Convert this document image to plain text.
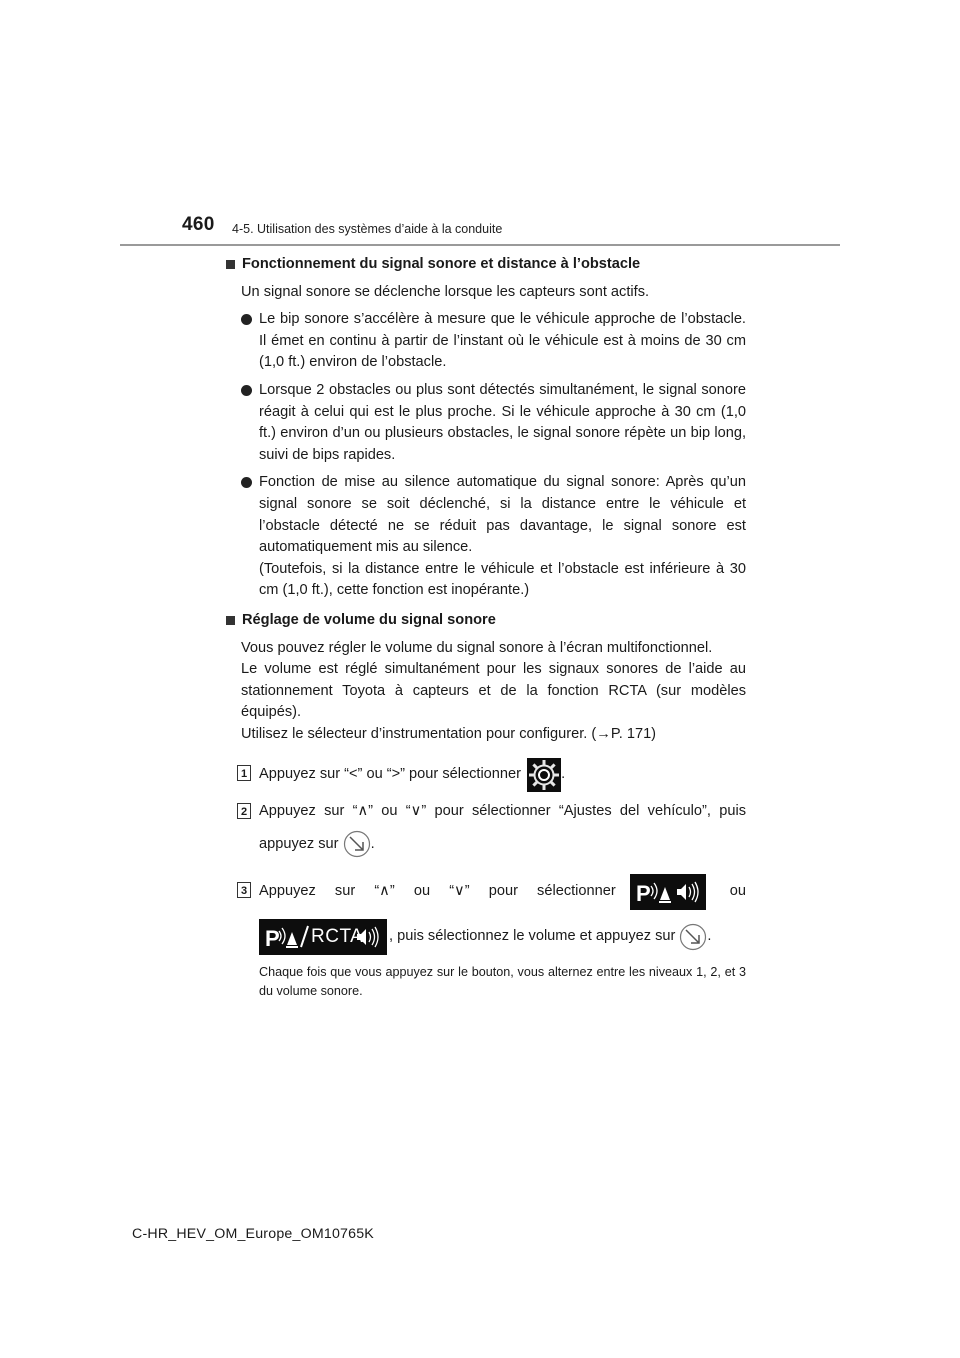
460 4-5. Utilisation des systèmes d’aide à la conduite
Fonctionnement du signal sonore et distance à l’obstacle

Un signal sonore se déclenche lorsque les capteurs sont actifs.

Le bip sonore s’accélère à mesure que le véhicule approche de l’obstacle. Il émet en continu à partir de l’instant où le véhicule est à moins de 30 cm (1,0 ft.) environ de l’obstacle.
Lorsque 2 obstacles ou plus sont détectés simultanément, le signal sonore réagit à celui qui est le plus proche. Si le véhicule approche à 30 cm (1,0 ft.) environ d’un ou plusieurs obstacles, le signal sonore répète un bip long, suivi de bips rapides.
Fonction de mise au silence automatique du signal sonore: Après qu’un signal sonore se soit déclenché, si la distance entre le véhicule et l’obstacle détecté ne se réduit pas davantage, le signal sonore est automatiquement mis au silence.
(Toutefois, si la distance entre le véhicule et l’obstacle est inférieure à 30 cm (1,0 ft.), cette fonction est inopérante.)
Réglage de volume du signal sonore

Vous pouvez régler le volume du signal sonore à l’écran multifonctionnel.

Le volume est réglé simultanément pour les signaux sonores de l’aide au stationnement Toyota à capteurs et de la fonction RCTA (sur modèles équipés).

Utilisez le sélecteur d’instrumentation pour configurer. (→P. 171)

1 Appuyez sur “<” ou “>” pour sélectionner	.
2 Appuyez sur “∧” ou “∨” pour sélectionner “Ajustes del vehículo”, puis
appuyez sur .
3 Appuyez sur “∧” ou “∨” pour sélectionner P	ou
P RCTA , puis sélectionnez le volume et appuyez sur .

Chaque fois que vous appuyez sur le bouton, vous alternez entre les niveaux 1, 2, et 3 du volume sonore.

C-HR_HEV_OM_Europe_OM10765K
